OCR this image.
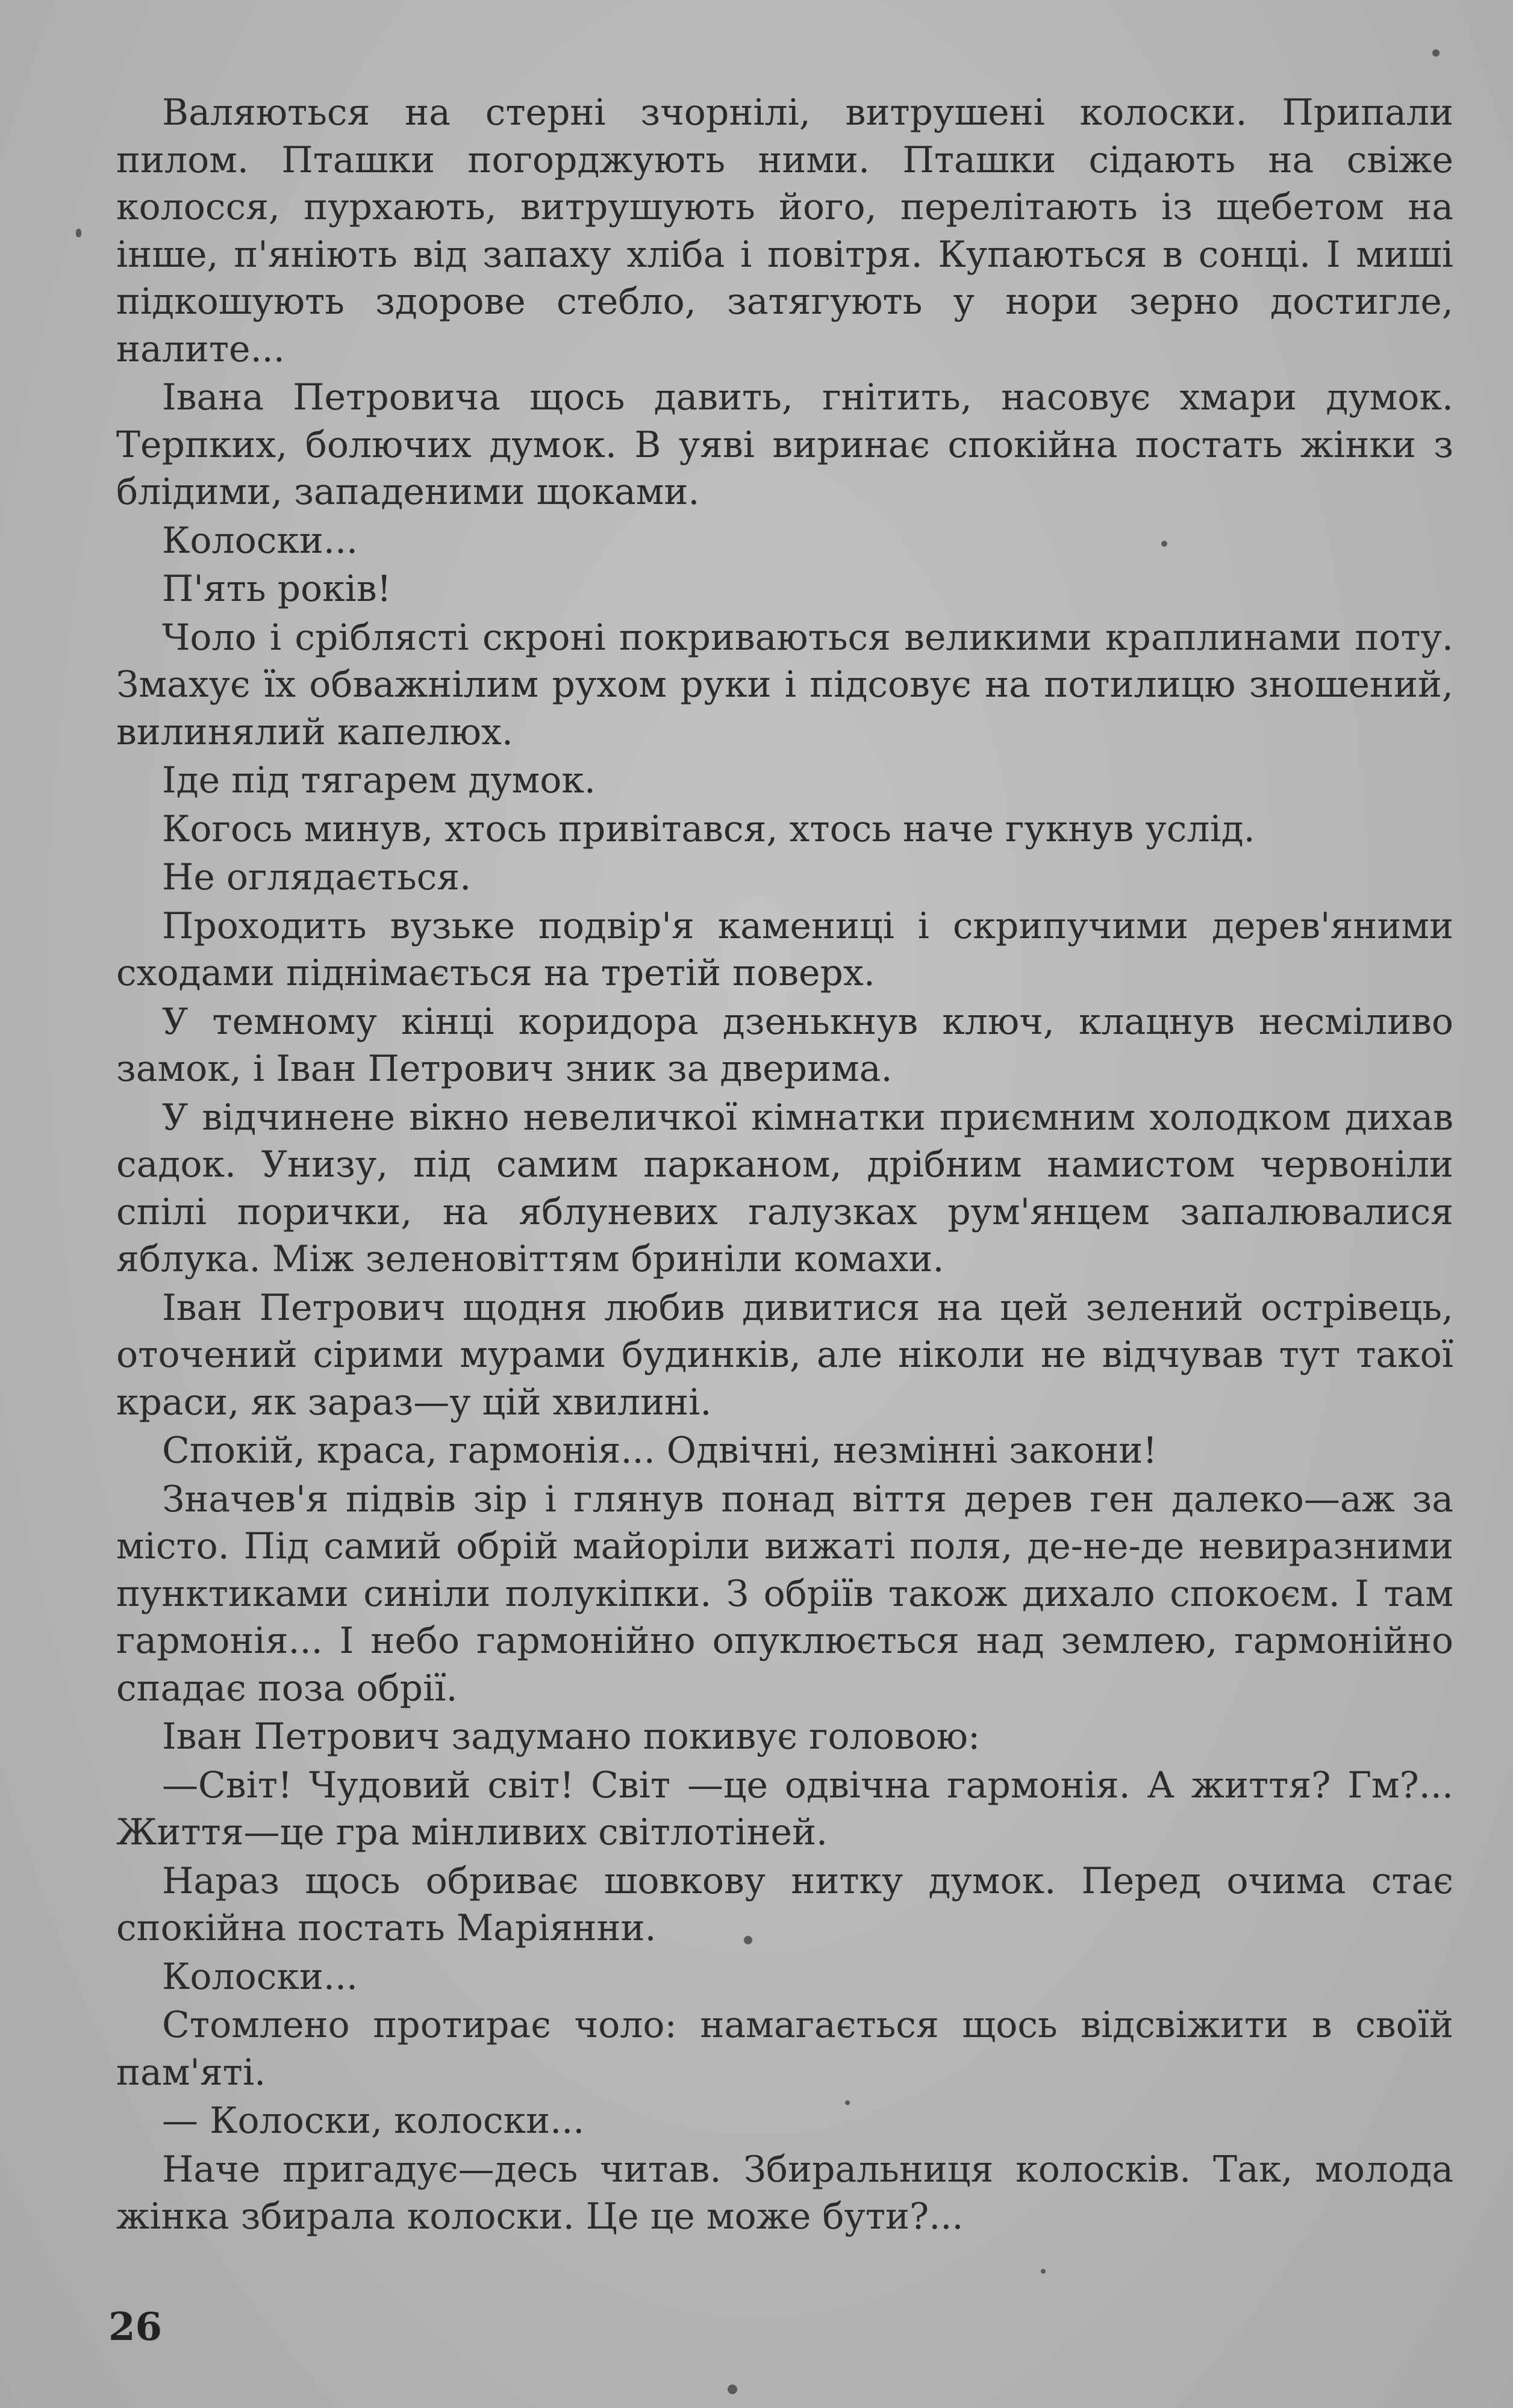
Валяються на стерні зчорнілі, витрушені колоски. Припали пилом. Пташки погорджують ними. Пташки сідають на свіже колосся, пурхають, витрушують його, перелітають із щебетом на інше, п'яніють від запаху хліба і повітря. Купаються в сонці. І миші підкошують здорове стебло, затягують у нори зерно достигле, налите...

Івана Петровича щось давить, гнітить, насовує хмари думок. Терпких, болючих думок. В уяві виринає спокійна постать жінки з блідими, западеними щоками.

Колоски...

П'ять років!

Чоло і сріблясті скроні покриваються великими краплинами поту. Змахує їх обважнілим рухом руки і підсовує на потилицю зношений, вилинялий капелюх.

Іде під тягарем думок.

Когось минув, хтось привітався, хтось наче гукнув услід.

Не оглядається.

Проходить вузьке подвір'я камениці і скрипучими дерев'яними сходами піднімається на третій поверх.

У темному кінці коридора дзенькнув ключ, клацнув несміливо замок, і Іван Петрович зник за дверима.

У відчинене вікно невеличкої кімнатки приємним холодком дихав садок. Унизу, під самим парканом, дрібним намистом червоніли спілі порички, на яблуневих галузках рум'янцем запалювалися яблука. Між зеленовіттям бриніли комахи.

Іван Петрович щодня любив дивитися на цей зелений острівець, оточений сірими мурами будинків, але ніколи не відчував тут такої краси, як зараз—у цій хвилині.

Спокій, краса, гармонія... Одвічні, незмінні закони!

Значев'я підвів зір і глянув понад віття дерев ген далеко—аж за місто. Під самий обрій майоріли вижаті поля, де-не-де невиразними пунктиками синіли полукіпки. З обріїв також дихало спокоєм. І там гармонія... І небо гармонійно опуклюється над землею, гармонійно спадає поза обрії.

Іван Петрович задумано покивує головою:

—Світ! Чудовий світ! Світ —це одвічна гармонія. А життя? Гм?... Життя—це гра мінливих світлотіней.

Нараз щось обриває шовкову нитку думок. Перед очима стає спокійна постать Маріянни.

Колоски...

Стомлено протирає чоло: намагається щось відсвіжити в своїй пам'яті.

— Колоски, колоски...

Наче пригадує—десь читав. Збиральниця колосків. Так, молода жінка збирала колоски. Це це може бути?...

26
